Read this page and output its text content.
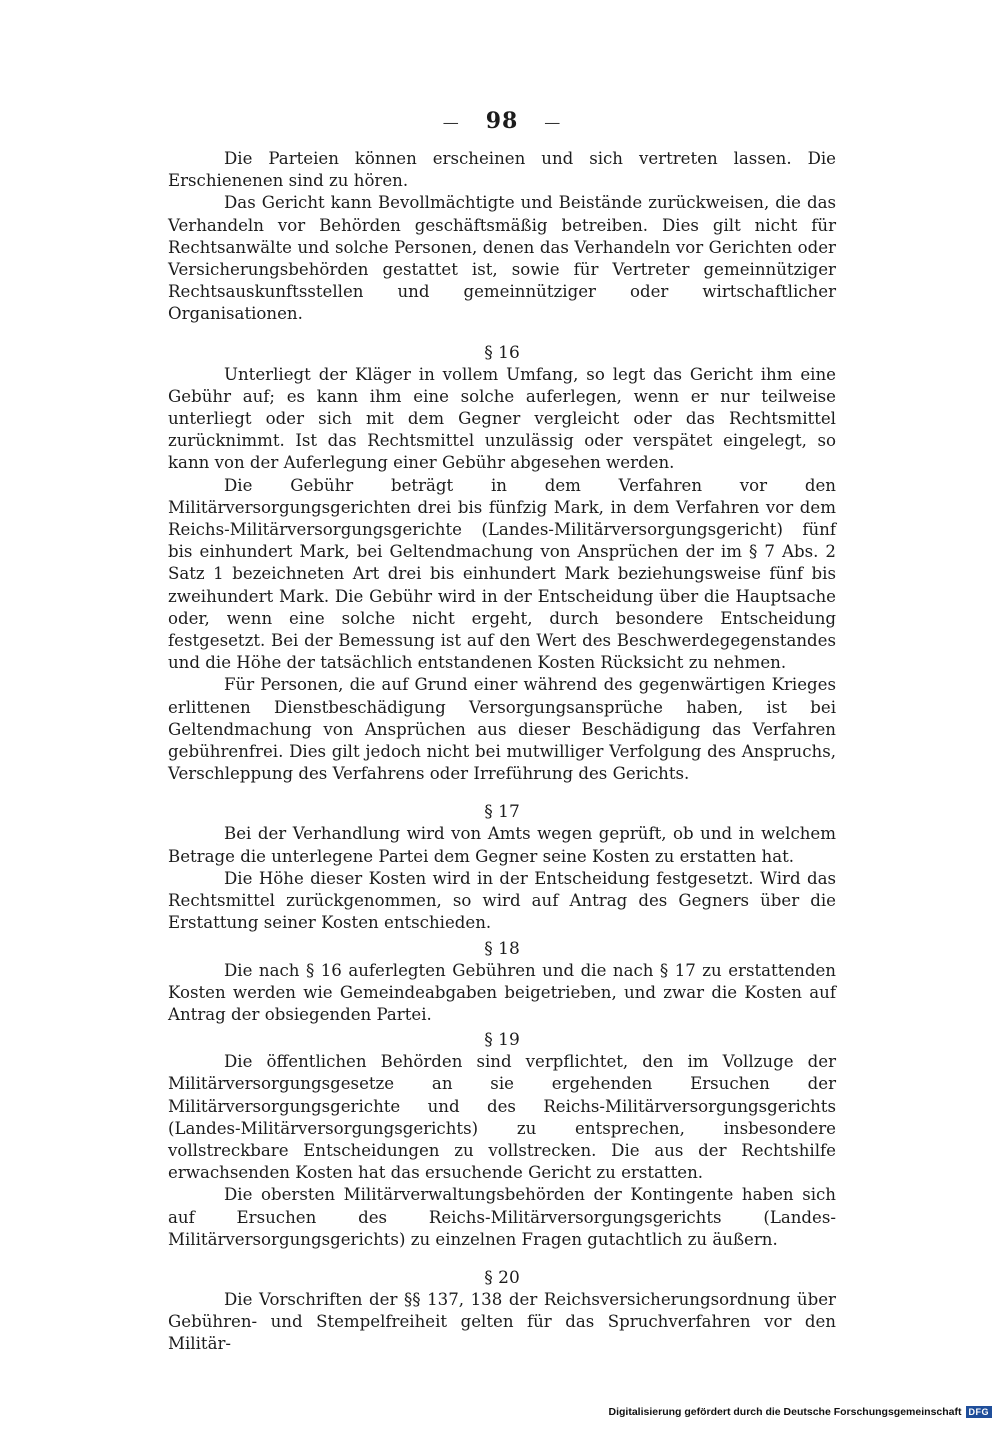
— 98 —

Die Parteien können erscheinen und sich vertreten lassen. Die Erschienenen sind zu hören.

Das Gericht kann Bevollmächtigte und Beistände zurückweisen, die das Verhandeln vor Behörden geschäftsmäßig betreiben. Dies gilt nicht für Rechtsanwälte und solche Personen, denen das Verhandeln vor Gerichten oder Versicherungsbehörden gestattet ist, sowie für Vertreter gemeinnütziger Rechtsauskunftsstellen und gemeinnütziger oder wirtschaftlicher Organisationen.

§ 16

Unterliegt der Kläger in vollem Umfang, so legt das Gericht ihm eine Gebühr auf; es kann ihm eine solche auferlegen, wenn er nur teilweise unterliegt oder sich mit dem Gegner vergleicht oder das Rechtsmittel zurücknimmt. Ist das Rechtsmittel unzulässig oder verspätet eingelegt, so kann von der Auferlegung einer Gebühr abgesehen werden.

Die Gebühr beträgt in dem Verfahren vor den Militärversorgungsgerichten drei bis fünfzig Mark, in dem Verfahren vor dem Reichs-Militärversorgungsgerichte (Landes-Militärversorgungsgericht) fünf bis einhundert Mark, bei Geltendmachung von Ansprüchen der im § 7 Abs. 2 Satz 1 bezeichneten Art drei bis einhundert Mark beziehungsweise fünf bis zweihundert Mark. Die Gebühr wird in der Entscheidung über die Hauptsache oder, wenn eine solche nicht ergeht, durch besondere Entscheidung festgesetzt. Bei der Bemessung ist auf den Wert des Beschwerdegegenstandes und die Höhe der tatsächlich entstandenen Kosten Rücksicht zu nehmen.

Für Personen, die auf Grund einer während des gegenwärtigen Krieges erlittenen Dienstbeschädigung Versorgungsansprüche haben, ist bei Geltendmachung von Ansprüchen aus dieser Beschädigung das Verfahren gebührenfrei. Dies gilt jedoch nicht bei mutwilliger Verfolgung des Anspruchs, Verschleppung des Verfahrens oder Irreführung des Gerichts.

§ 17

Bei der Verhandlung wird von Amts wegen geprüft, ob und in welchem Betrage die unterlegene Partei dem Gegner seine Kosten zu erstatten hat.

Die Höhe dieser Kosten wird in der Entscheidung festgesetzt. Wird das Rechtsmittel zurückgenommen, so wird auf Antrag des Gegners über die Erstattung seiner Kosten entschieden.

§ 18

Die nach § 16 auferlegten Gebühren und die nach § 17 zu erstattenden Kosten werden wie Gemeindeabgaben beigetrieben, und zwar die Kosten auf Antrag der obsiegenden Partei.

§ 19

Die öffentlichen Behörden sind verpflichtet, den im Vollzuge der Militärversorgungsgesetze an sie ergehenden Ersuchen der Militärversorgungsgerichte und des Reichs-Militärversorgungsgerichts (Landes-Militärversorgungsgerichts) zu entsprechen, insbesondere vollstreckbare Entscheidungen zu vollstrecken. Die aus der Rechtshilfe erwachsenden Kosten hat das ersuchende Gericht zu erstatten.

Die obersten Militärverwaltungsbehörden der Kontingente haben sich auf Ersuchen des Reichs-Militärversorgungsgerichts (Landes-Militärversorgungsgerichts) zu einzelnen Fragen gutachtlich zu äußern.

§ 20

Die Vorschriften der §§ 137, 138 der Reichsversicherungsordnung über Gebühren- und Stempelfreiheit gelten für das Spruchverfahren vor den Militär-

Digitalisierung gefördert durch die Deutsche Forschungsgemeinschaft DFG
